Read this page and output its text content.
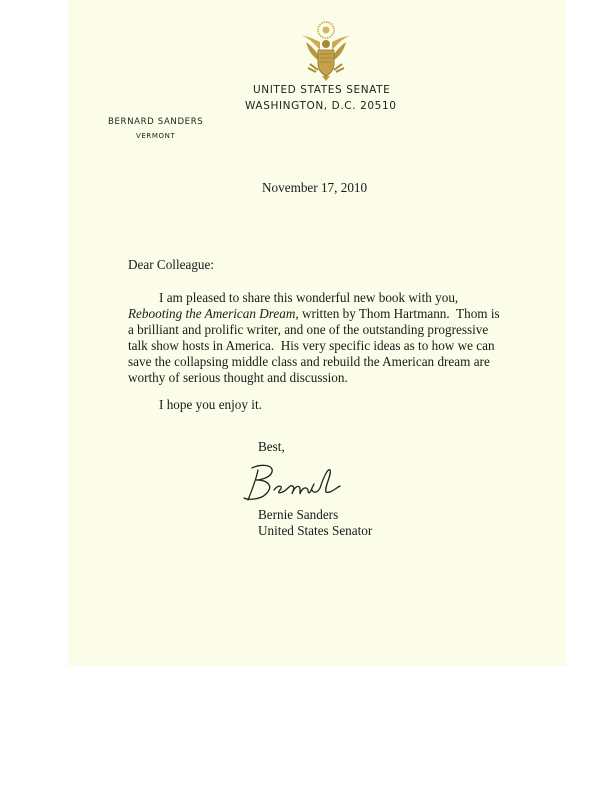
UNITED STATES SENATE
WASHINGTON, D.C. 20510
BERNARD SANDERS
VERMONT
November 17, 2010
Dear Colleague:
I am pleased to share this wonderful new book with you,
Rebooting the American Dream, written by Thom Hartmann.  Thom is
a brilliant and prolific writer, and one of the outstanding progressive
talk show hosts in America.  His very specific ideas as to how we can
save the collapsing middle class and rebuild the American dream are
worthy of serious thought and discussion.
I hope you enjoy it.
Best,
Bernie Sanders
United States Senator
